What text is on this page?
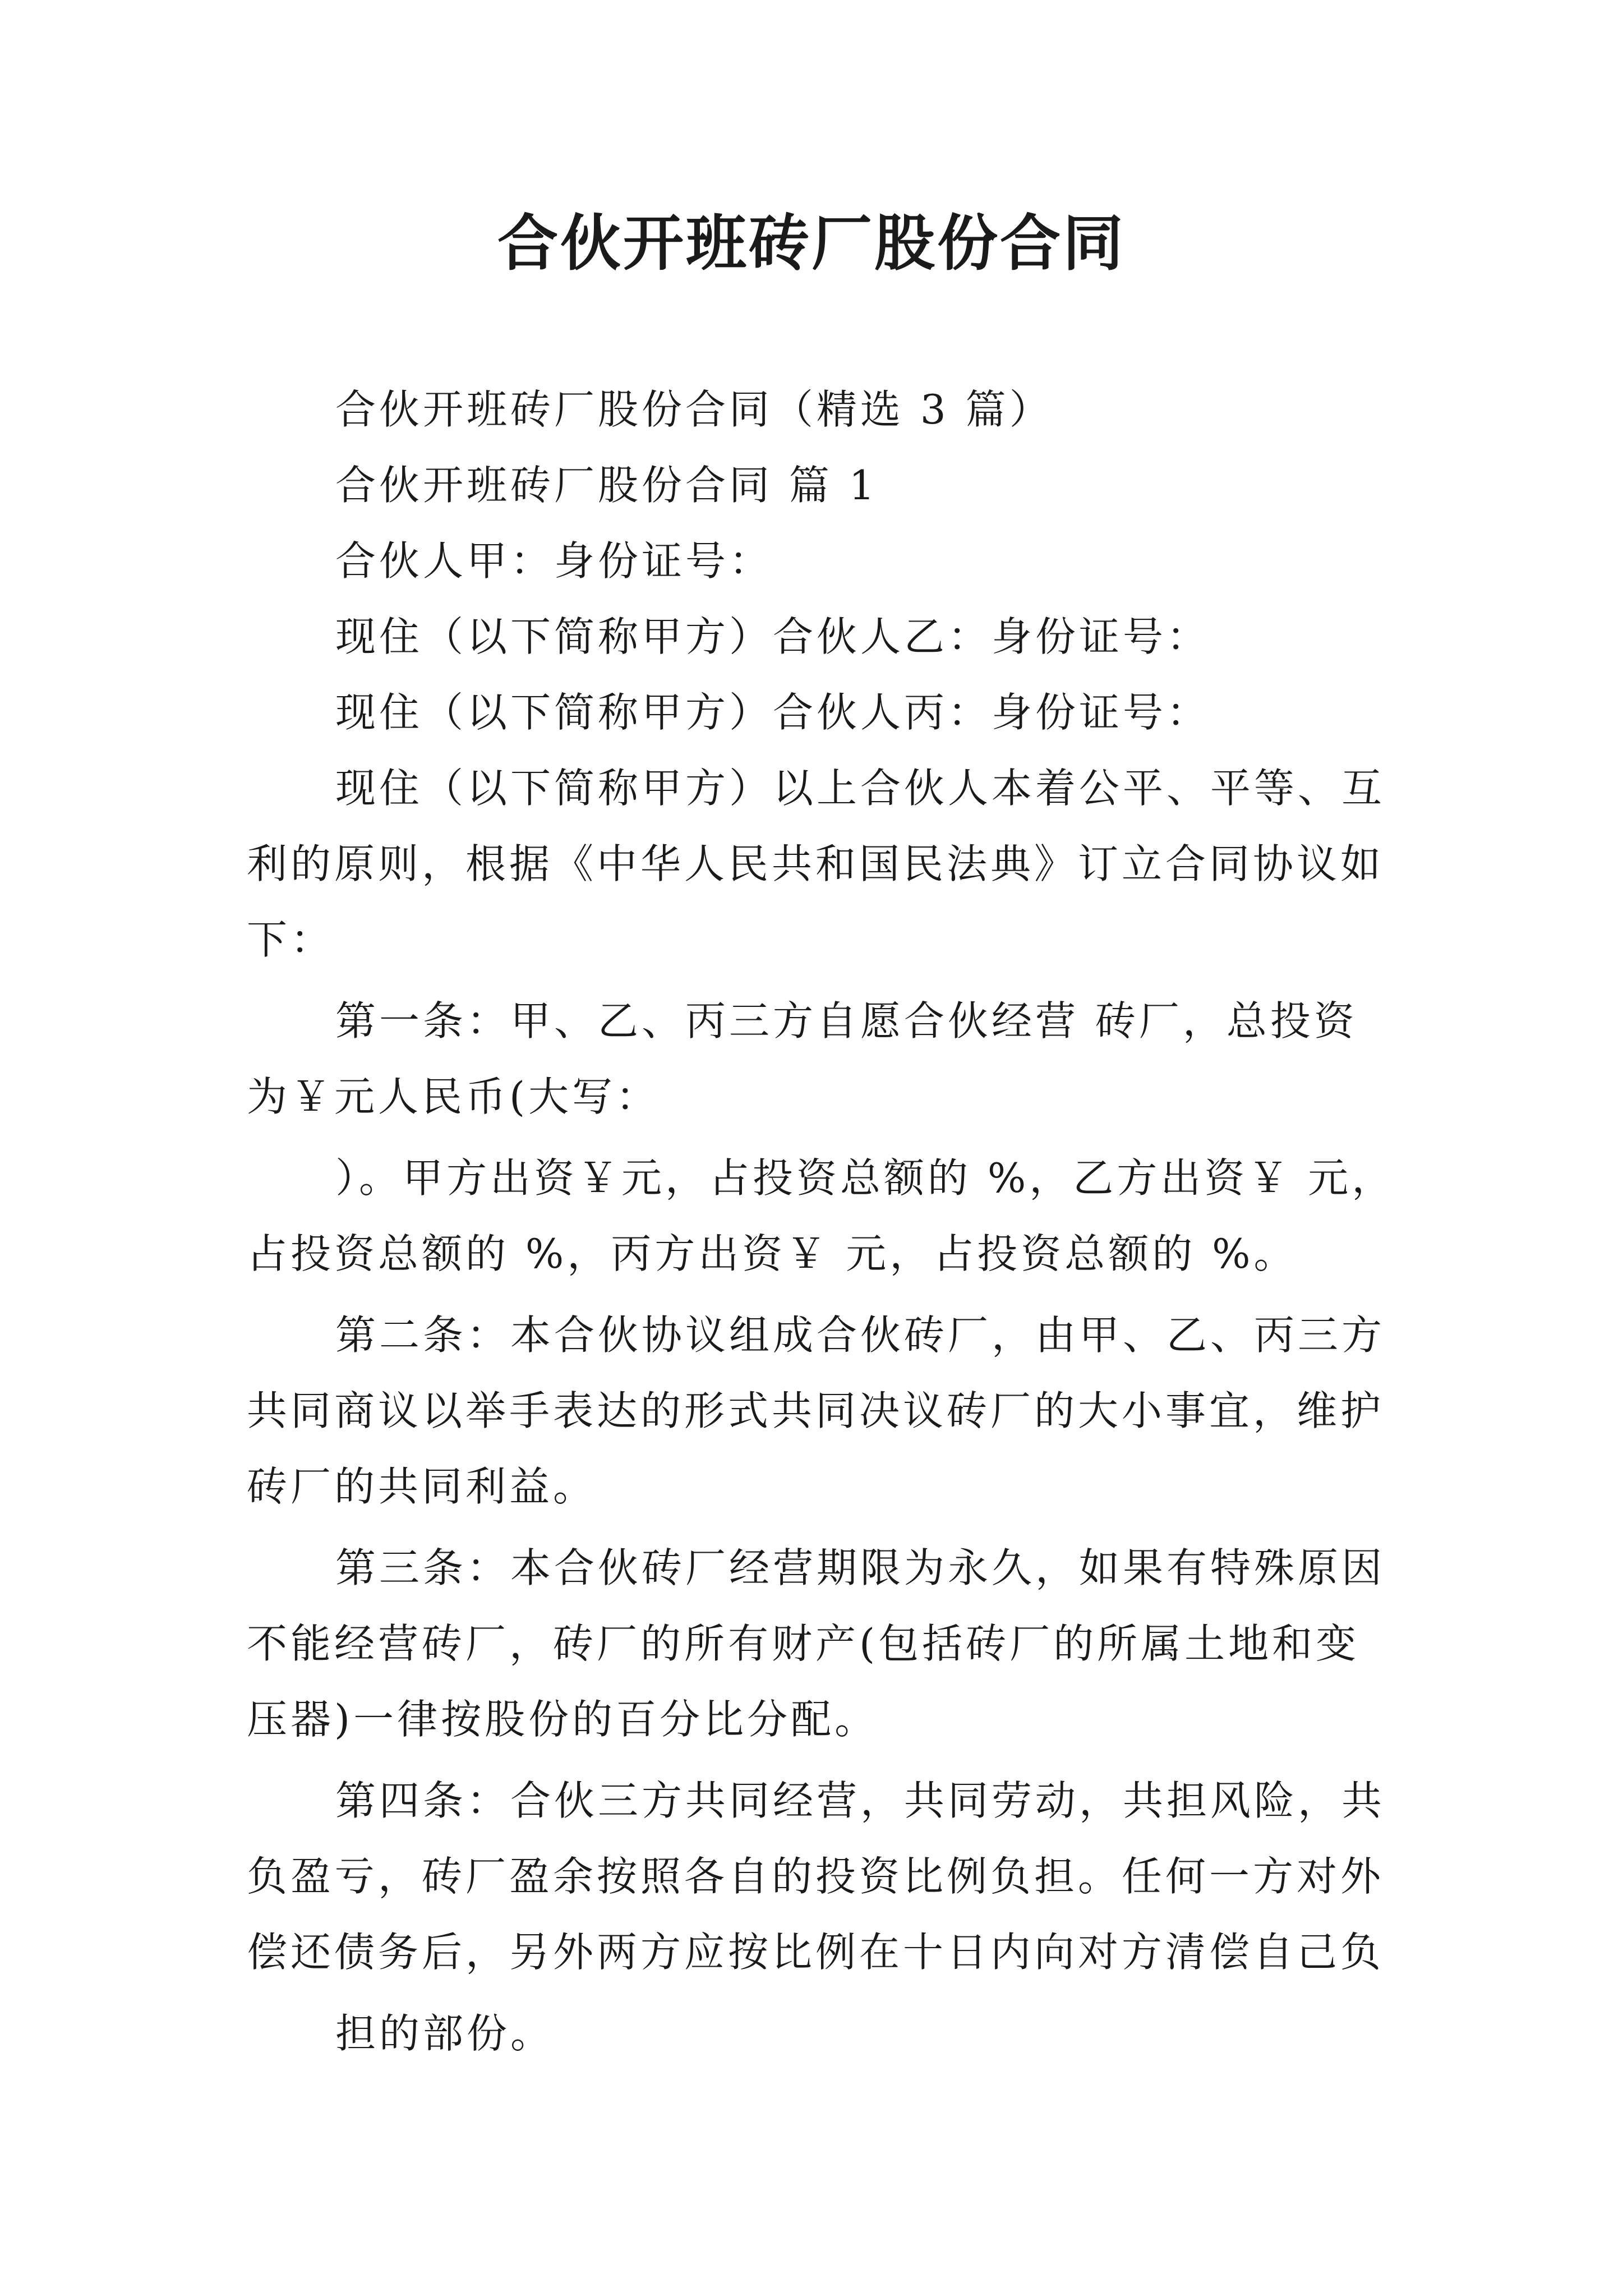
合伙开班砖厂股份合同
合伙开班砖厂股份合同（精选 3 篇）
合伙开班砖厂股份合同 篇 1
合伙人甲：身份证号：
现住（以下简称甲方）合伙人乙：身份证号：
现住（以下简称甲方）合伙人丙：身份证号：
现住（以下简称甲方）以上合伙人本着公平、平等、互
利的原则，根据《中华人民共和国民法典》订立合同协议如
下：
第一条：甲、乙、丙三方自愿合伙经营 砖厂，总投资
为￥元人民币(大写：
）。甲方出资￥元，占投资总额的 %，乙方出资￥ 元，
占投资总额的 %，丙方出资￥ 元，占投资总额的 %。
第二条：本合伙协议组成合伙砖厂，由甲、乙、丙三方
共同商议以举手表达的形式共同决议砖厂的大小事宜，维护
砖厂的共同利益。
第三条：本合伙砖厂经营期限为永久，如果有特殊原因
不能经营砖厂，砖厂的所有财产(包括砖厂的所属土地和变
压器)一律按股份的百分比分配。
第四条：合伙三方共同经营，共同劳动，共担风险，共
负盈亏，砖厂盈余按照各自的投资比例负担。任何一方对外
偿还债务后，另外两方应按比例在十日内向对方清偿自己负
担的部份。
